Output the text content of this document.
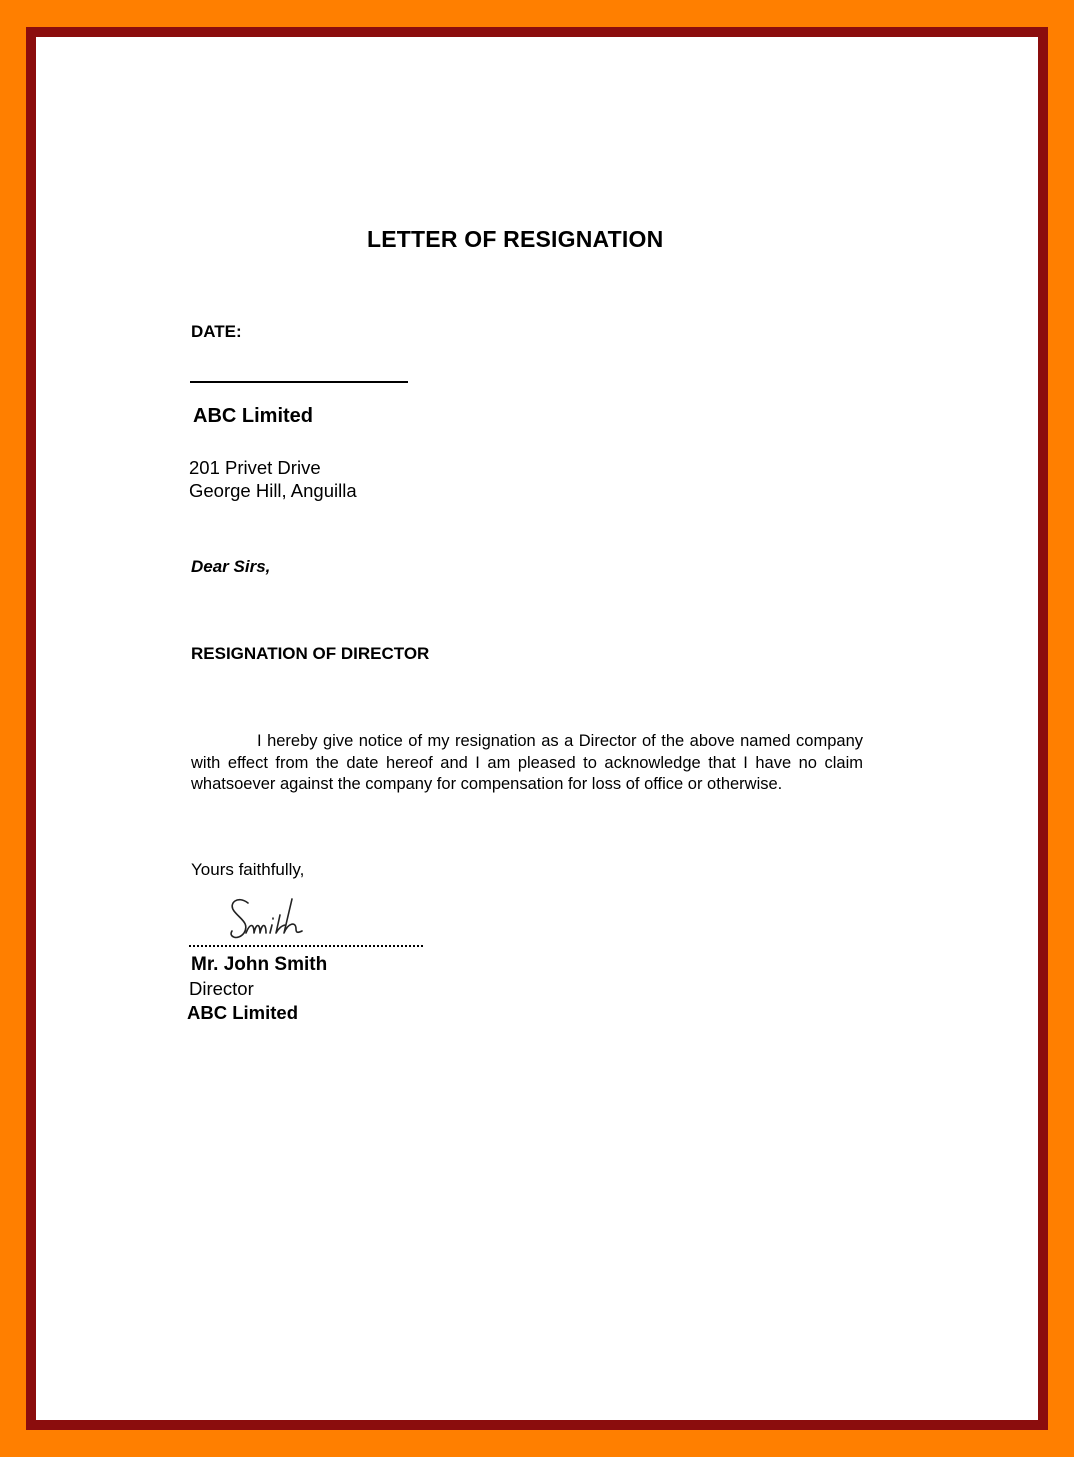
LETTER OF RESIGNATION
DATE:
ABC Limited
201 Privet Drive
George Hill, Anguilla
Dear Sirs,
RESIGNATION OF DIRECTOR
I hereby give notice of my resignation as a Director of the above named company with effect from the date hereof and I am pleased to acknowledge that I have no claim whatsoever against the company for compensation for loss of office or otherwise.
Yours faithfully,
Mr. John Smith
Director
ABC Limited
